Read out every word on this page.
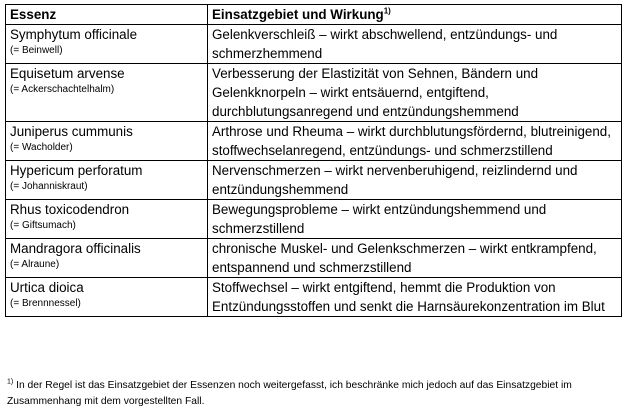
Essenz	Einsatzgebiet und Wirkung$^{1)}$
Symphytum officinale
(= Beinwell)	Gelenkverschleiß – wirkt abschwellend, entzündungs- und schmerzhemmend
Equisetum arvense
(= Ackerschachtelhalm)	Verbesserung der Elastizität von Sehnen, Bändern und Gelenkknorpeln – wirkt entsäuernd, entgiftend, durchblutungsanregend und entzündungshemmend
Juniperus cummunis
(= Wacholder)	Arthrose und Rheuma – wirkt durchblutungsfördernd, blutreinigend, stoffwechselanregend, entzündungs- und schmerzstillend
Hypericum perforatum
(= Johanniskraut)	Nervenschmerzen – wirkt nervenberuhigend, reizlindernd und entzündungshemmend
Rhus toxicodendron
(= Giftsumach)	Bewegungsprobleme – wirkt entzündungshemmend und schmerzstillend
Mandragora officinalis
(= Alraune)	chronische Muskel- und Gelenkschmerzen – wirkt entkrampfend, entspannend und schmerzstillend
Urtica dioica
(= Brennnessel)	Stoffwechsel – wirkt entgiftend, hemmt die Produktion von Entzündungsstoffen und senkt die Harnsäurekonzentration im Blut
$^{1)}$ In der Regel ist das Einsatzgebiet der Essenzen noch weitergefasst, ich beschränke mich jedoch auf das Einsatzgebiet im Zusammenhang mit dem vorgestellten Fall.
